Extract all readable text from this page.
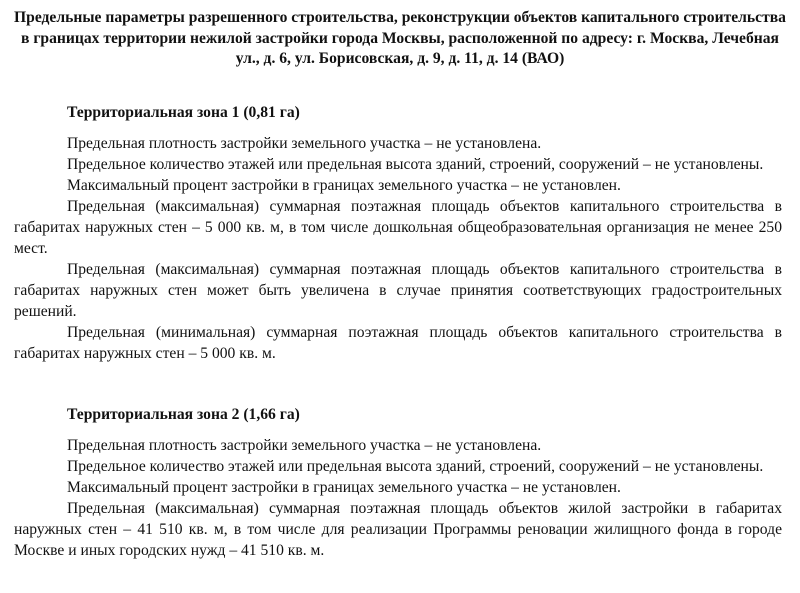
Предельные параметры разрешенного строительства, реконструкции объектов капитального строительства в границах территории нежилой застройки города Москвы, расположенной по адресу: г. Москва, Лечебная ул., д. 6, ул. Борисовская, д. 9, д. 11, д. 14 (ВАО)
Территориальная зона 1 (0,81 га)

Предельная плотность застройки земельного участка – не установлена.

Предельное количество этажей или предельная высота зданий, строений, сооружений – не установлены.

Максимальный процент застройки в границах земельного участка – не установлен.

Предельная (максимальная) суммарная поэтажная площадь объектов капитального строительства в габаритах наружных стен – 5 000 кв. м, в том числе дошкольная общеобразовательная организация не менее 250 мест.

Предельная (максимальная) суммарная поэтажная площадь объектов капитального строительства в габаритах наружных стен может быть увеличена в случае принятия соответствующих градостроительных решений.

Предельная (минимальная) суммарная поэтажная площадь объектов капитального строительства в габаритах наружных стен – 5 000 кв. м.

Территориальная зона 2 (1,66 га)

Предельная плотность застройки земельного участка – не установлена.

Предельное количество этажей или предельная высота зданий, строений, сооружений – не установлены.

Максимальный процент застройки в границах земельного участка – не установлен.

Предельная (максимальная) суммарная поэтажная площадь объектов жилой застройки в габаритах наружных стен – 41 510 кв. м, в том числе для реализации Программы реновации жилищного фонда в городе Москве и иных городских нужд – 41 510 кв. м.
